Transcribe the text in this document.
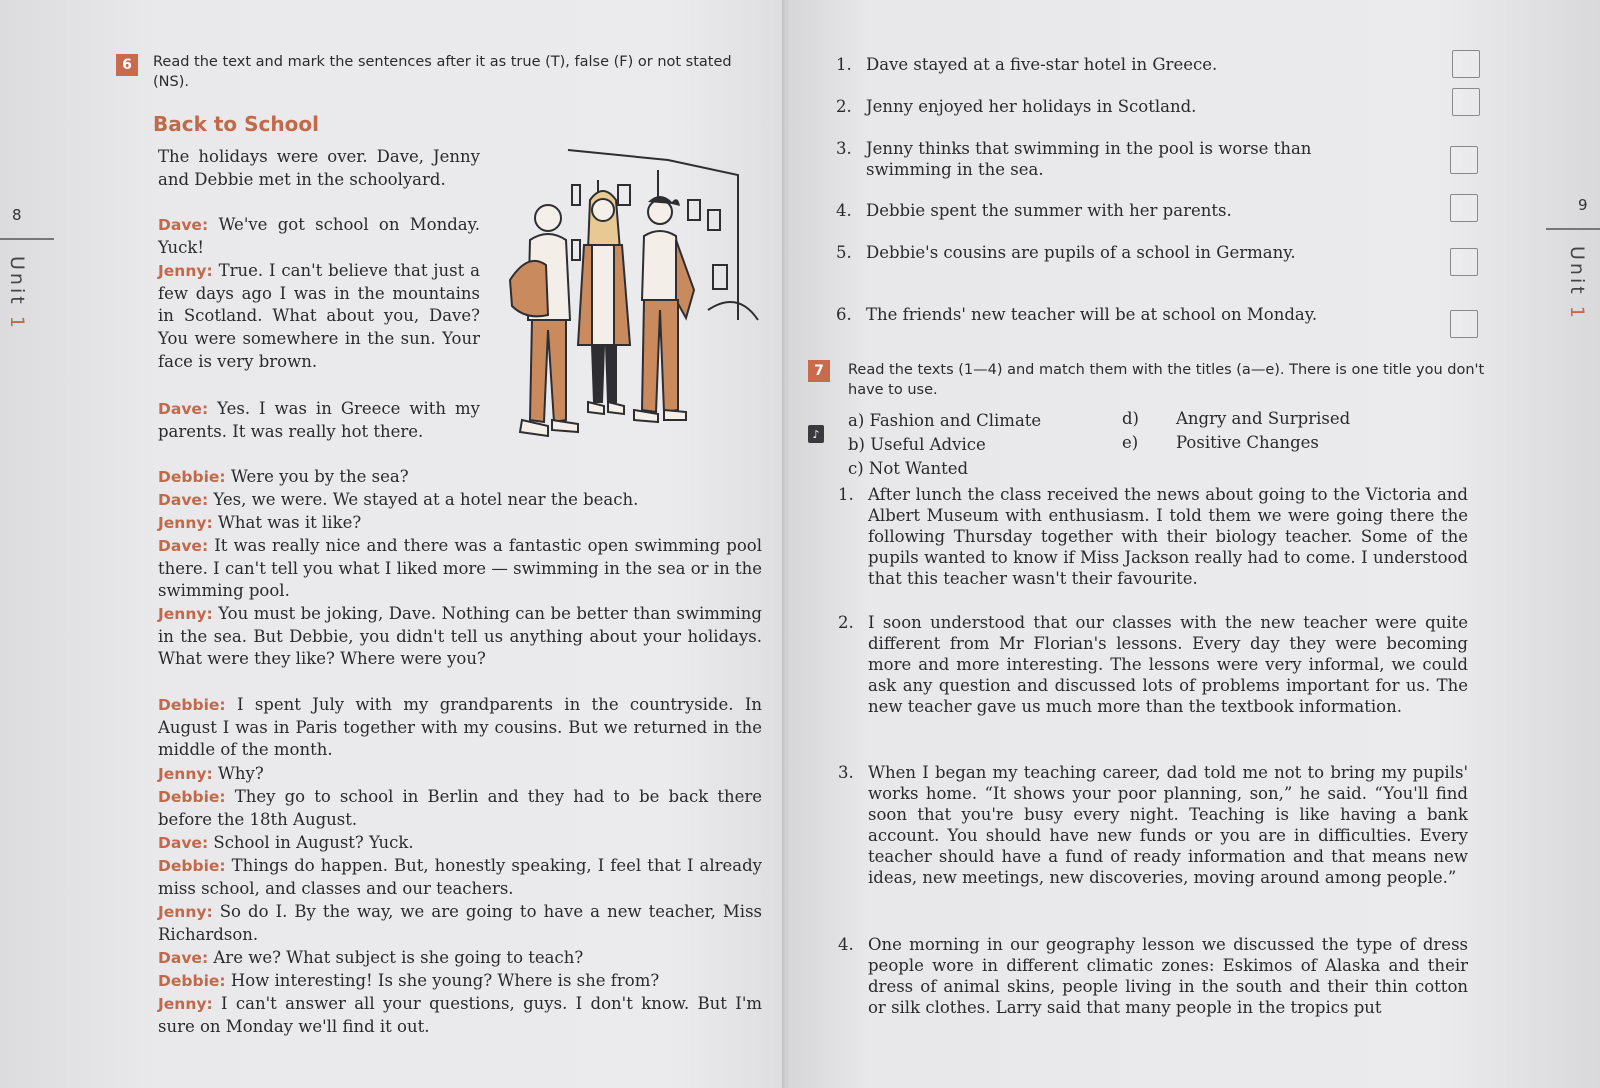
8
Unit 1
6	Read the text and mark the sentences after it as true (T), false (F) or not stated (NS).
Back to School
The holidays were over. Dave, Jenny and Debbie met in the schoolyard.
Dave: We've got school on Monday. Yuck!
Jenny: True. I can't believe that just a few days ago I was in the mountains in Scotland. What about you, Dave? You were somewhere in the sun. Your face is very brown.
Dave: Yes. I was in Greece with my parents. It was really hot there.
Debbie: Were you by the sea?
Dave: Yes, we were. We stayed at a hotel near the beach.
Jenny: What was it like?
Dave: It was really nice and there was a fantastic open swimming pool there. I can't tell you what I liked more — swimming in the sea or in the swimming pool.
Jenny: You must be joking, Dave. Nothing can be better than swimming in the sea. But Debbie, you didn't tell us anything about your holidays. What were they like? Where were you?
Debbie: I spent July with my grandparents in the countryside. In August I was in Paris together with my cousins. But we returned in the middle of the month.
Jenny: Why?
Debbie: They go to school in Berlin and they had to be back there before the 18th August.
Dave: School in August? Yuck.
Debbie: Things do happen. But, honestly speaking, I feel that I already miss school, and classes and our teachers.
Jenny: So do I. By the way, we are going to have a new teacher, Miss Richardson.
Dave: Are we? What subject is she going to teach?
Debbie: How interesting! Is she young? Where is she from?
Jenny: I can't answer all your questions, guys. I don't know. But I'm sure on Monday we'll find it out.
9
Unit 1
1. Dave stayed at a five-star hotel in Greece.
2. Jenny enjoyed her holidays in Scotland.
3. Jenny thinks that swimming in the pool is worse than swimming in the sea.
4. Debbie spent the summer with her parents.
5. Debbie's cousins are pupils of a school in Germany.
6. The friends' new teacher will be at school on Monday.
7	Read the texts (1—4) and match them with the titles (a—e). There is one title you don't have to use.
♪
a) Fashion and Climate
b) Useful Advice
c) Not Wanted
d) Angry and Surprised
e) Positive Changes
1. After lunch the class received the news about going to the Victoria and Albert Museum with enthusiasm. I told them we were going there the following Thursday together with their biology teacher. Some of the pupils wanted to know if Miss Jackson really had to come. I understood that this teacher wasn't their favourite.
2. I soon understood that our classes with the new teacher were quite different from Mr Florian's lessons. Every day they were becoming more and more interesting. The lessons were very informal, we could ask any question and discussed lots of problems important for us. The new teacher gave us much more than the textbook information.
3. When I began my teaching career, dad told me not to bring my pupils' works home. “It shows your poor planning, son,” he said. “You'll find soon that you're busy every night. Teaching is like having a bank account. You should have new funds or you are in difficulties. Every teacher should have a fund of ready information and that means new ideas, new meetings, new discoveries, moving around among people.”
4. One morning in our geography lesson we discussed the type of dress people wore in different climatic zones: Eskimos of Alaska and their dress of animal skins, people living in the south and their thin cotton or silk clothes. Larry said that many people in the tropics put
